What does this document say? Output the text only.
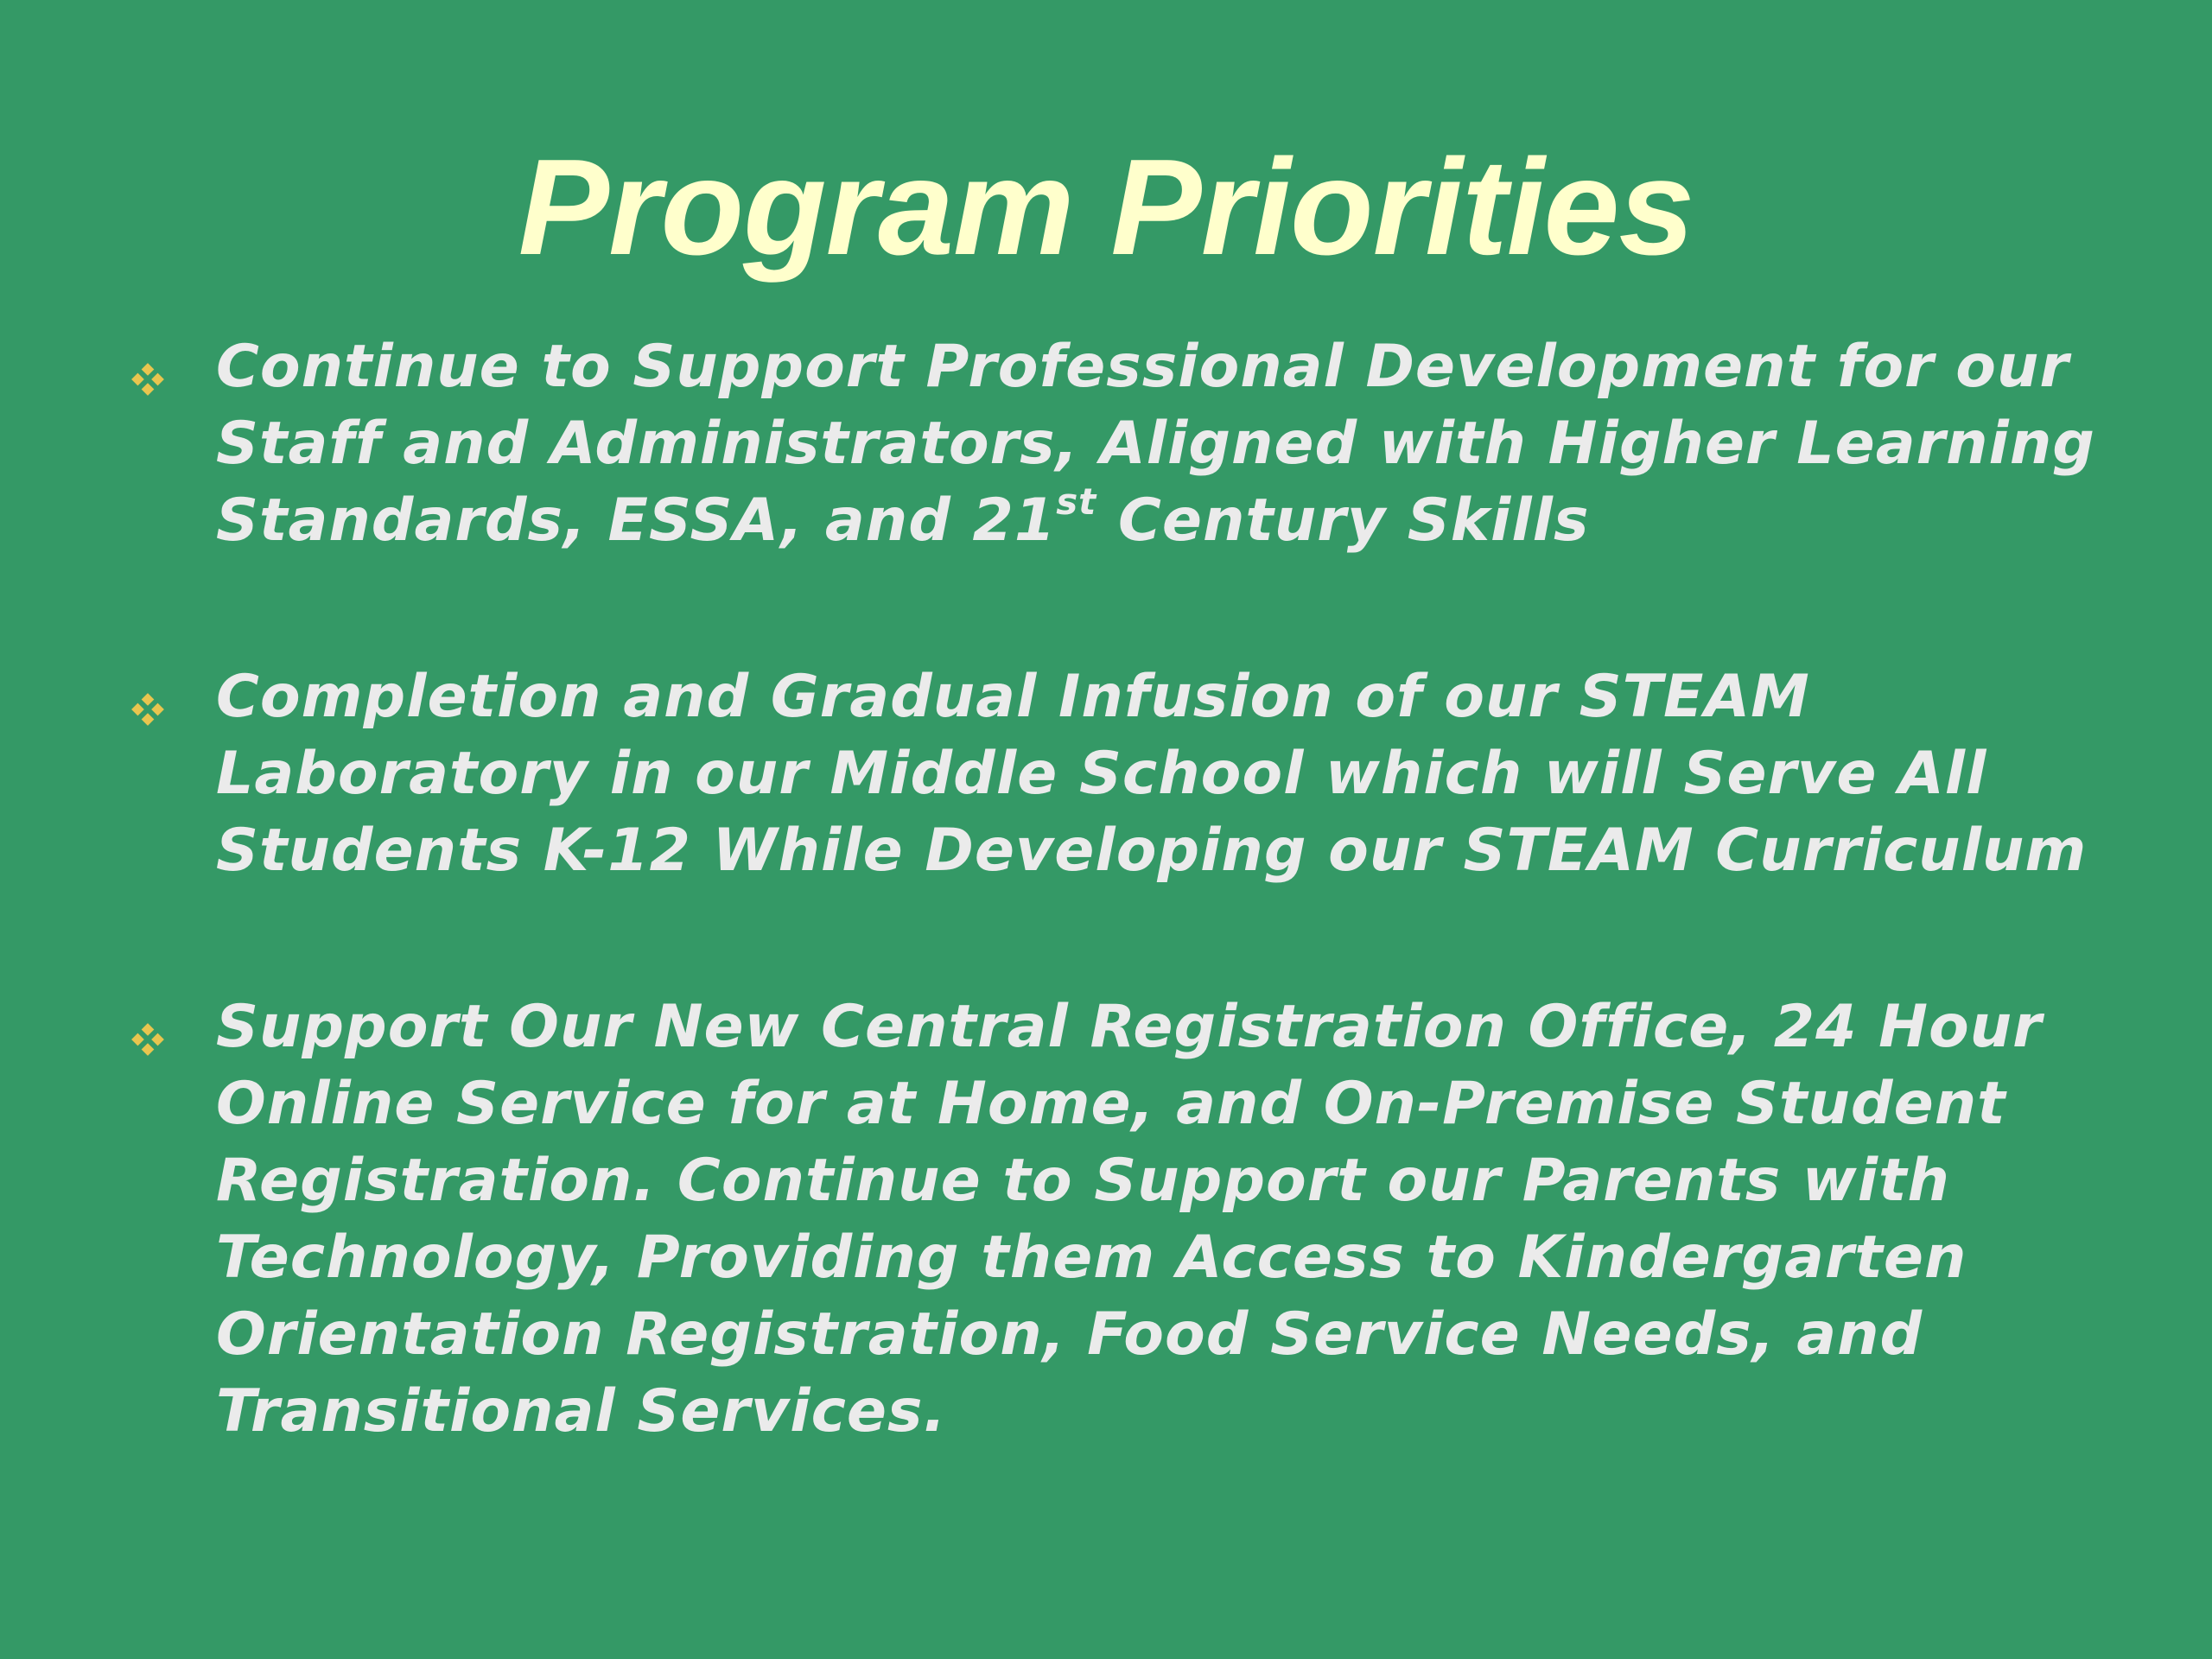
Program Priorities
Continue to Support Professional Development for our Staff and Administrators, Aligned with Higher Learning Standards, ESSA, and 21st Century Skills
Completion and Gradual Infusion of our STEAM Laboratory in our Middle School which will Serve All Students K-12 While Developing our STEAM Curriculum
Support Our New Central Registration Office, 24 Hour Online Service for at Home, and On-Premise Student Registration. Continue to Support our Parents with Technology, Providing them Access to Kindergarten Orientation Registration, Food Service Needs, and Transitional Services.
